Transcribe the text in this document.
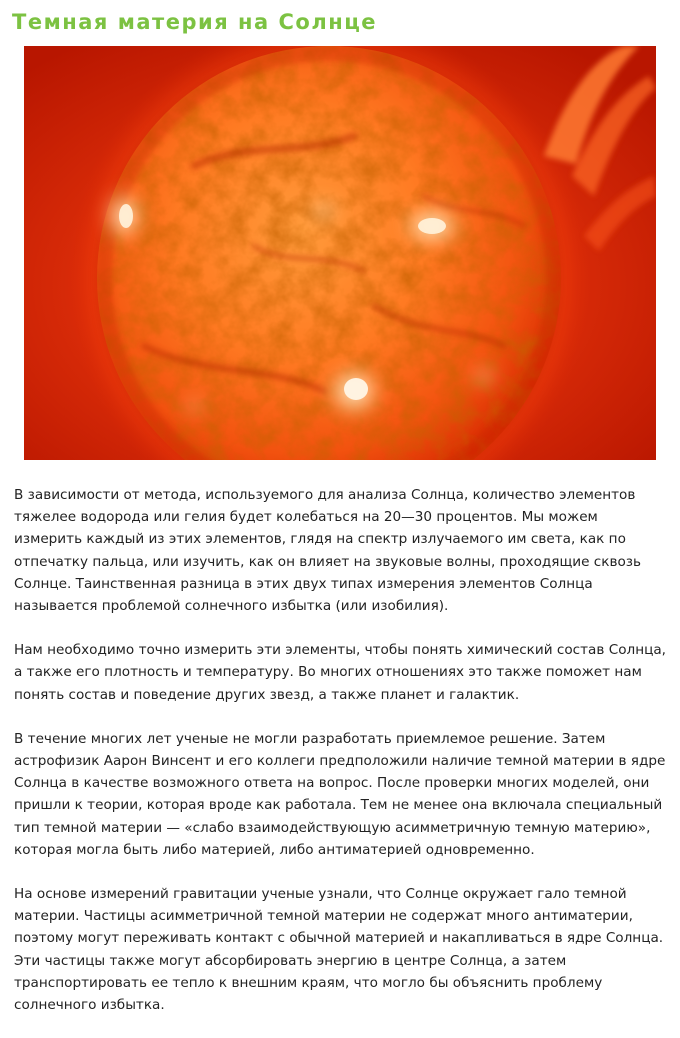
Темная материя на Солнце

В зависимости от метода, используемого для анализа Солнца, количество элементов тяжелее водорода или гелия будет колебаться на 20—30 процентов. Мы можем измерить каждый из этих элементов, глядя на спектр излучаемого им света, как по отпечатку пальца, или изучить, как он влияет на звуковые волны, проходящие сквозь Солнце. Таинственная разница в этих двух типах измерения элементов Солнца называется проблемой солнечного избытка (или изобилия).

Нам необходимо точно измерить эти элементы, чтобы понять химический состав Солнца, а также его плотность и температуру. Во многих отношениях это также поможет нам понять состав и поведение других звезд, а также планет и галактик.

В течение многих лет ученые не могли разработать приемлемое решение. Затем астрофизик Аарон Винсент и его коллеги предположили наличие темной материи в ядре Солнца в качестве возможного ответа на вопрос. После проверки многих моделей, они пришли к теории, которая вроде как работала. Тем не менее она включала специальный тип темной материи — «слабо взаимодействующую асимметричную темную материю», которая могла быть либо материей, либо антиматерией одновременно.

На основе измерений гравитации ученые узнали, что Солнце окружает гало темной материи. Частицы асимметричной темной материи не содержат много антиматерии, поэтому могут переживать контакт с обычной материей и накапливаться в ядре Солнца. Эти частицы также могут абсорбировать энергию в центре Солнца, а затем транспортировать ее тепло к внешним краям, что могло бы объяснить проблему солнечного избытка.
